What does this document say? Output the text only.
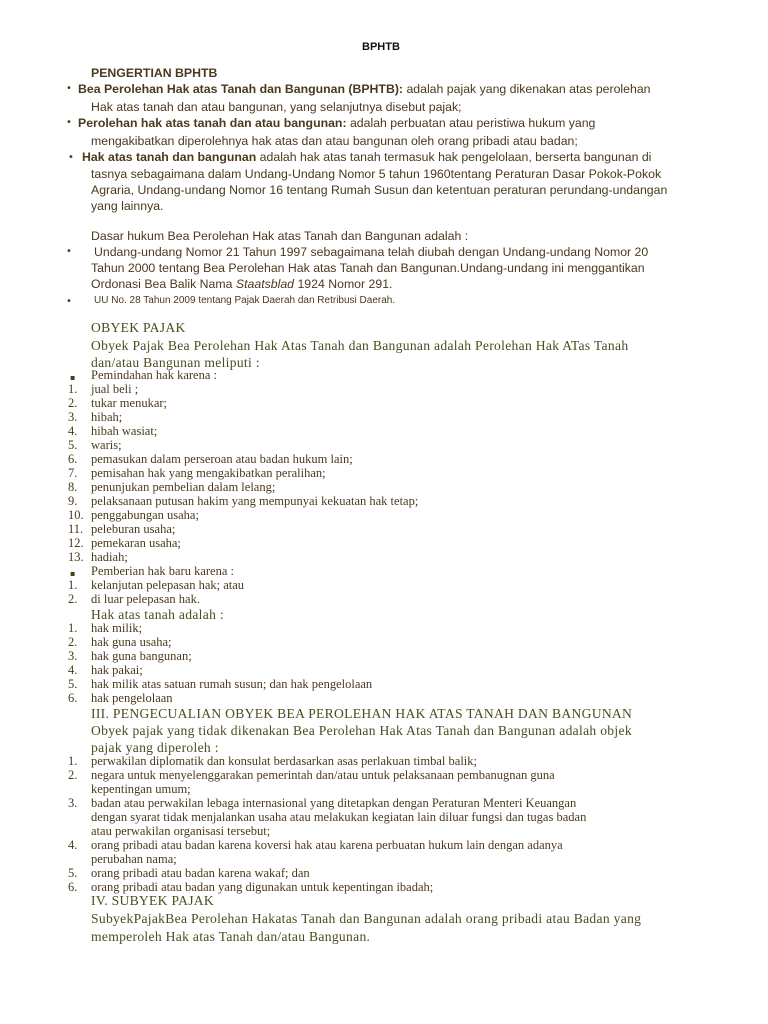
BPHTB
PENGERTIAN BPHTB
• Bea Perolehan Hak atas Tanah dan Bangunan (BPHTB): adalah pajak yang dikenakan atas perolehan
Hak atas tanah dan atau bangunan, yang selanjutnya disebut pajak;
• Perolehan hak atas tanah dan atau bangunan: adalah perbuatan atau peristiwa hukum yang
mengakibatkan diperolehnya hak atas dan atau bangunan oleh orang pribadi atau badan;
• Hak atas tanah dan bangunan adalah hak atas tanah termasuk hak pengelolaan, berserta bangunan di
tasnya sebagaimana dalam Undang-Undang Nomor 5 tahun 1960tentang Peraturan Dasar Pokok-Pokok
Agraria, Undang-undang Nomor 16 tentang Rumah Susun dan ketentuan peraturan perundang-undangan
yang lainnya.
Dasar hukum Bea Perolehan Hak atas Tanah dan Bangunan adalah :
• Undang-undang Nomor 21 Tahun 1997 sebagaimana telah diubah dengan Undang-undang Nomor 20
Tahun 2000 tentang Bea Perolehan Hak atas Tanah dan Bangunan.Undang-undang ini menggantikan
Ordonasi Bea Balik Nama Staatsblad 1924 Nomor 291.
• UU No. 28 Tahun 2009 tentang Pajak Daerah dan Retribusi Daerah.
OBYEK PAJAK
Obyek Pajak Bea Perolehan Hak Atas Tanah dan Bangunan adalah Perolehan Hak ATas Tanah
dan/atau Bangunan meliputi :
▪ Pemindahan hak karena :
1.	jual beli ;
2.	tukar menukar;
3.	hibah;
4.	hibah wasiat;
5.	waris;
6.	pemasukan dalam perseroan atau badan hukum lain;
7.	pemisahan hak yang mengakibatkan peralihan;
8.	penunjukan pembelian dalam lelang;
9.	pelaksanaan putusan hakim yang mempunyai kekuatan hak tetap;
10. penggabungan usaha;
11. peleburan usaha;
12. pemekaran usaha;
13. hadiah;
▪ Pemberian hak baru karena :
1.	kelanjutan pelepasan hak; atau
2.	di luar pelepasan hak.
Hak atas tanah adalah :
1.	hak milik;
2.	hak guna usaha;
3.	hak guna bangunan;
4.	hak pakai;
5.	hak milik atas satuan rumah susun; dan hak pengelolaan
6.	hak pengelolaan
III. PENGECUALIAN OBYEK BEA PEROLEHAN HAK ATAS TANAH DAN BANGUNAN
Obyek pajak yang tidak dikenakan Bea Perolehan Hak Atas Tanah dan Bangunan adalah objek
pajak yang diperoleh :
1.	perwakilan diplomatik dan konsulat berdasarkan asas perlakuan timbal balik;
2.	negara untuk menyelenggarakan pemerintah dan/atau untuk pelaksanaan pembanugnan guna
kepentingan umum;
3.	badan atau perwakilan lebaga internasional yang ditetapkan dengan Peraturan Menteri Keuangan
dengan syarat tidak menjalankan usaha atau melakukan kegiatan lain diluar fungsi dan tugas badan
atau perwakilan organisasi tersebut;
4.	orang pribadi atau badan karena koversi hak atau karena perbuatan hukum lain dengan adanya
perubahan nama;
5.	orang pribadi atau badan karena wakaf; dan
6.	orang pribadi atau badan yang digunakan untuk kepentingan ibadah;
IV. SUBYEK PAJAK
SubyekPajakBea Perolehan Hakatas Tanah dan Bangunan adalah orang pribadi atau Badan yang
memperoleh Hak atas Tanah dan/atau Bangunan.
